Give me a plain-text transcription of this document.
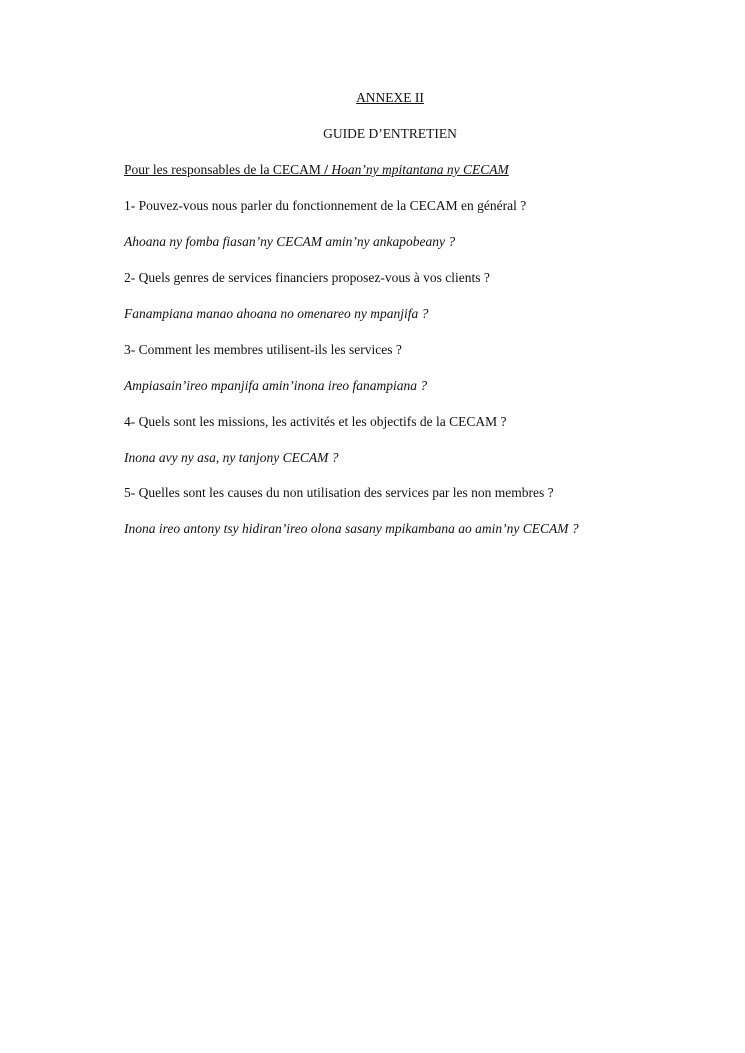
ANNEXE II
GUIDE D’ENTRETIEN
Pour les responsables de la CECAM / Hoan’ny mpitantana ny CECAM
1- Pouvez-vous nous parler du fonctionnement de la CECAM en général ?
Ahoana ny fomba fiasan’ny CECAM amin’ny ankapobeany ?
2- Quels genres de services financiers proposez-vous à vos clients ?
Fanampiana manao ahoana no omenareo ny mpanjifa ?
3- Comment les membres utilisent-ils les services ?
Ampiasain’ireo mpanjifa amin’inona ireo fanampiana ?
4- Quels sont les missions, les activités et les objectifs de la CECAM ?
Inona avy ny asa, ny tanjony CECAM ?
5- Quelles sont les causes du non utilisation des services par les non membres ?
Inona ireo antony tsy hidiran’ireo olona sasany mpikambana ao amin’ny CECAM ?
